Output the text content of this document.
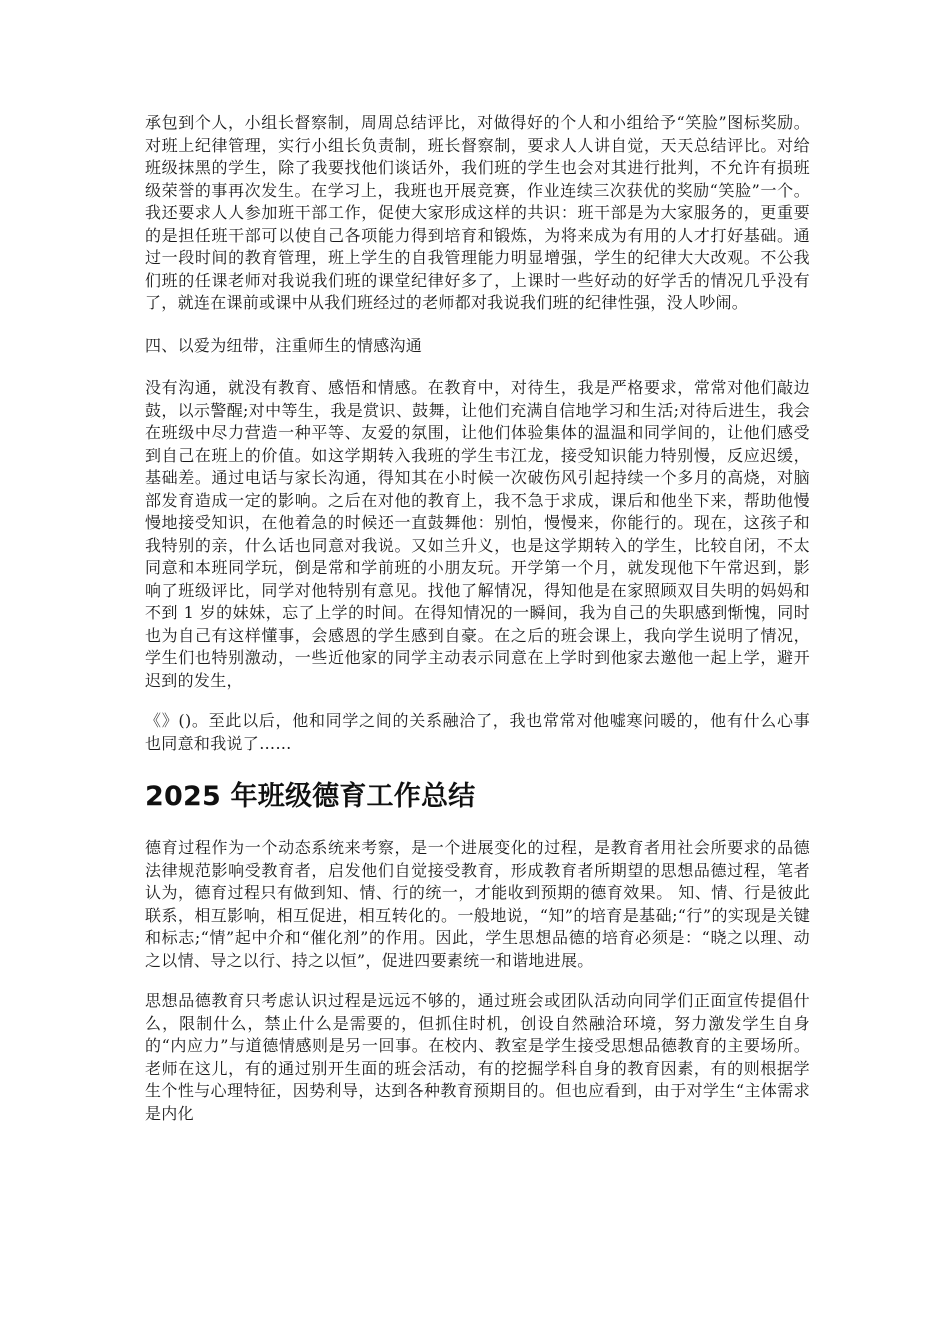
承包到个人，小组长督察制，周周总结评比，对做得好的个人和小组给予“笑脸”图标奖励。对班上纪律管理，实行小组长负责制，班长督察制，要求人人讲自觉，天天总结评比。对给班级抹黑的学生，除了我要找他们谈话外，我们班的学生也会对其进行批判，不允许有损班级荣誉的事再次发生。在学习上，我班也开展竞赛，作业连续三次获优的奖励“笑脸”一个。我还要求人人参加班干部工作，促使大家形成这样的共识：班干部是为大家服务的，更重要的是担任班干部可以使自己各项能力得到培育和锻炼，为将来成为有用的人才打好基础。通过一段时间的教育管理，班上学生的自我管理能力明显增强，学生的纪律大大改观。不公我们班的任课老师对我说我们班的课堂纪律好多了，上课时一些好动的好学舌的情况几乎没有了，就连在课前或课中从我们班经过的老师都对我说我们班的纪律性强，没人吵闹。

四、以爱为纽带，注重师生的情感沟通

没有沟通，就没有教育、感悟和情感。在教育中，对待生，我是严格要求，常常对他们敲边鼓，以示警醒;对中等生，我是赏识、鼓舞，让他们充满自信地学习和生活;对待后进生，我会在班级中尽力营造一种平等、友爱的氛围，让他们体验集体的温温和同学间的，让他们感受到自己在班上的价值。如这学期转入我班的学生韦江龙，接受知识能力特别慢，反应迟缓，基础差。通过电话与家长沟通，得知其在小时候一次破伤风引起持续一个多月的高烧，对脑部发育造成一定的影响。之后在对他的教育上，我不急于求成，课后和他坐下来，帮助他慢慢地接受知识，在他着急的时候还一直鼓舞他：别怕，慢慢来，你能行的。现在，这孩子和我特别的亲，什么话也同意对我说。又如兰升义，也是这学期转入的学生，比较自闭，不太同意和本班同学玩，倒是常和学前班的小朋友玩。开学第一个月，就发现他下午常迟到，影响了班级评比，同学对他特别有意见。找他了解情况，得知他是在家照顾双目失明的妈妈和不到 1 岁的妹妹，忘了上学的时间。在得知情况的一瞬间，我为自己的失职感到惭愧，同时也为自己有这样懂事，会感恩的学生感到自豪。在之后的班会课上，我向学生说明了情况，学生们也特别激动，一些近他家的同学主动表示同意在上学时到他家去邀他一起上学，避开迟到的发生，

《》()。至此以后，他和同学之间的关系融洽了，我也常常对他嘘寒问暖的，他有什么心事也同意和我说了……

2025 年班级德育工作总结

德育过程作为一个动态系统来考察，是一个进展变化的过程，是教育者用社会所要求的品德法律规范影响受教育者，启发他们自觉接受教育，形成教育者所期望的思想品德过程，笔者认为，德育过程只有做到知、情、行的统一，才能收到预期的德育效果。 知、情、行是彼此联系，相互影响，相互促进，相互转化的。一般地说，“知”的培育是基础;“行”的实现是关键和标志;“情”起中介和“催化剂”的作用。因此，学生思想品德的培育必须是：“晓之以理、动之以情、导之以行、持之以恒”，促进四要素统一和谐地进展。

思想品德教育只考虑认识过程是远远不够的，通过班会或团队活动向同学们正面宣传提倡什么，限制什么，禁止什么是需要的，但抓住时机，创设自然融洽环境，努力激发学生自身的“内应力”与道德情感则是另一回事。在校内、教室是学生接受思想品德教育的主要场所。老师在这儿，有的通过别开生面的班会活动，有的挖掘学科自身的教育因素，有的则根据学生个性与心理特征，因势利导，达到各种教育预期目的。但也应看到，由于对学生“主体需求是内化
